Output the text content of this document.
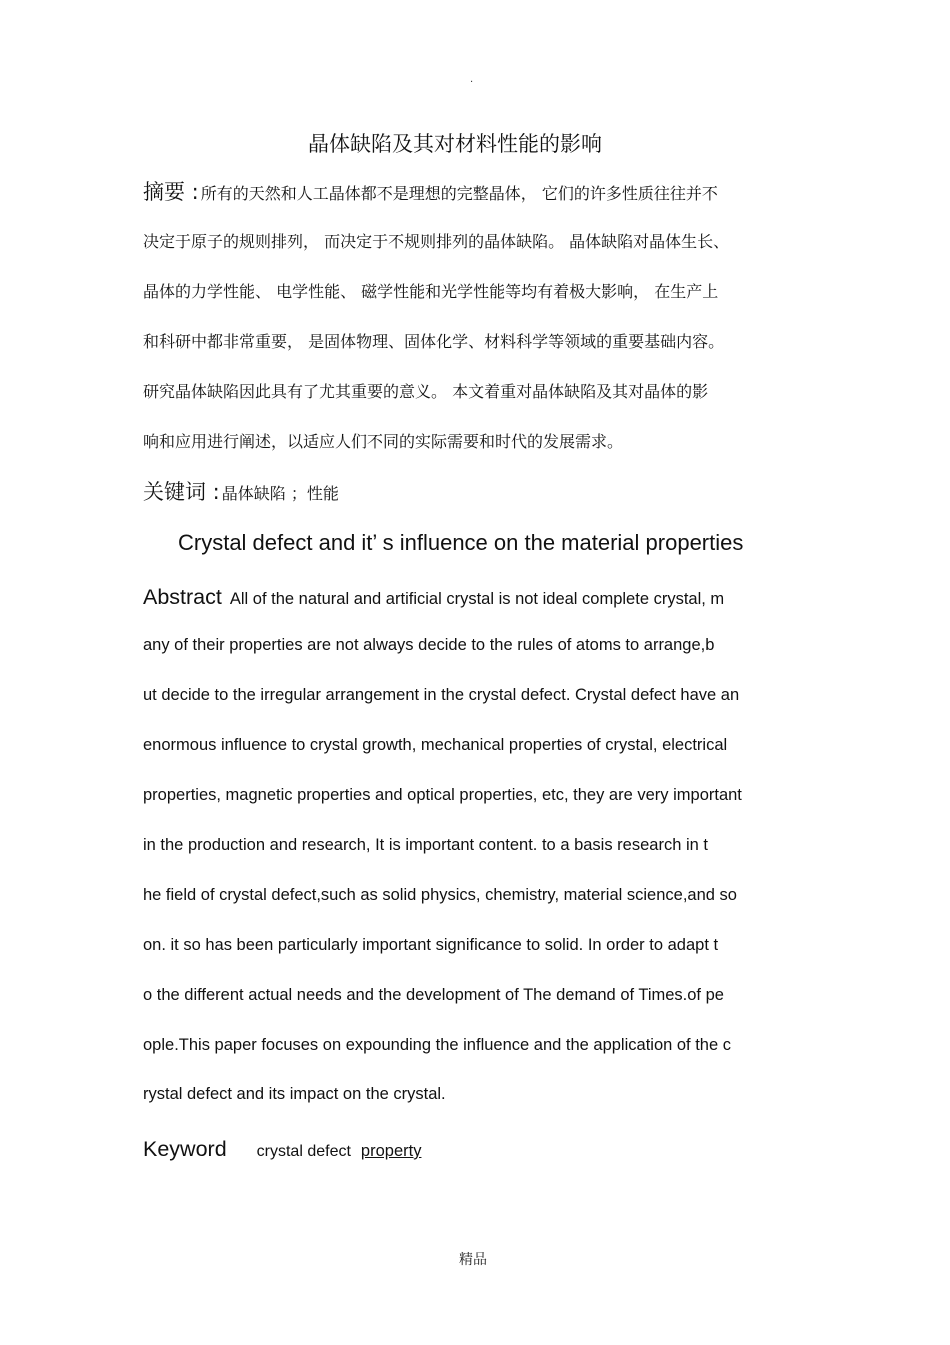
.
晶体缺陷及其对材料性能的影响
摘要 : 所有的天然和人工晶体都不是理想的完整晶体， 它们的许多性质往往并不
决定于原子的规则排列， 而决定于不规则排列的晶体缺陷。 晶体缺陷对晶体生长、
晶体的力学性能、 电学性能、 磁学性能和光学性能等均有着极大影响， 在生产上
和科研中都非常重要， 是固体物理、固体化学、材料科学等领域的重要基础内容。
研究晶体缺陷因此具有了尤其重要的意义。 本文着重对晶体缺陷及其对晶体的影
响和应用进行阐述，以适应人们不同的实际需要和时代的发展需求。
关键词 : 晶体缺陷 ；性能
Crystal defect and it’ s influence on the material properties
Abstract All of the natural and artificial crystal is not ideal complete crystal, m
any of their properties are not always decide to the rules of atoms to arrange,b
ut decide to the irregular arrangement in the crystal defect. Crystal defect have an
enormous influence to crystal growth, mechanical properties of crystal, electrical
properties, magnetic properties and optical properties, etc, they are very important
in the production and research, It is important content. to a basis research in t
he field of crystal defect,such as solid physics, chemistry, material science,and so
on. it so has been particularly important significance to solid. In order to adapt t
o the different actual needs and the development of The demand of Times.of pe
ople.This paper focuses on expounding the influence and the application of the c
rystal defect and its impact on the crystal.
Keyword crystal defect property
精品
